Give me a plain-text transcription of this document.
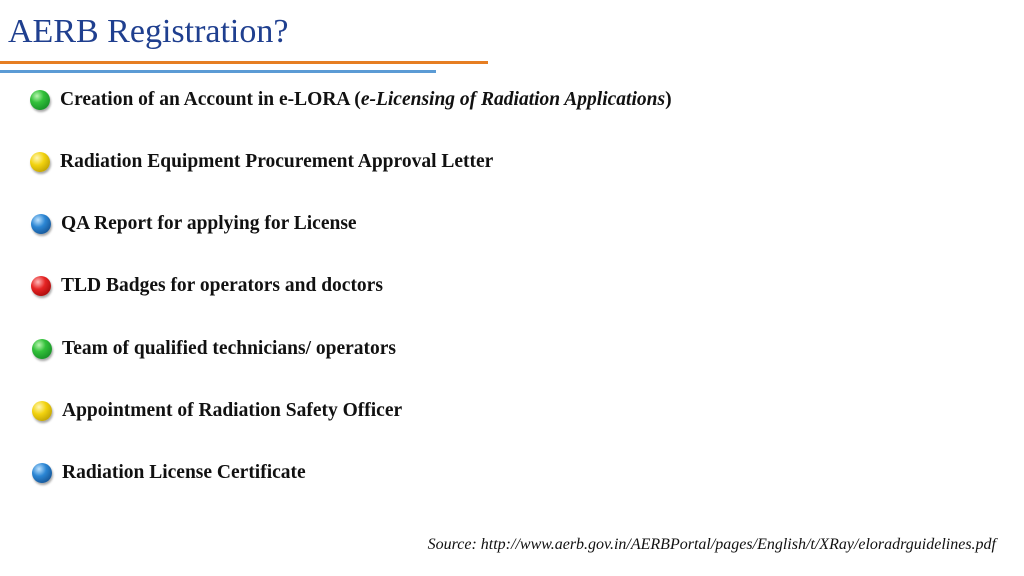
AERB Registration?
Creation of an Account in e-LORA (e-Licensing of Radiation Applications)
Radiation Equipment Procurement Approval Letter
QA Report for applying for License
TLD Badges for operators and doctors
Team of qualified technicians/ operators
Appointment of Radiation Safety Officer
Radiation License Certificate
Source: http://www.aerb.gov.in/AERBPortal/pages/English/t/XRay/eloradrguidelines.pdf
